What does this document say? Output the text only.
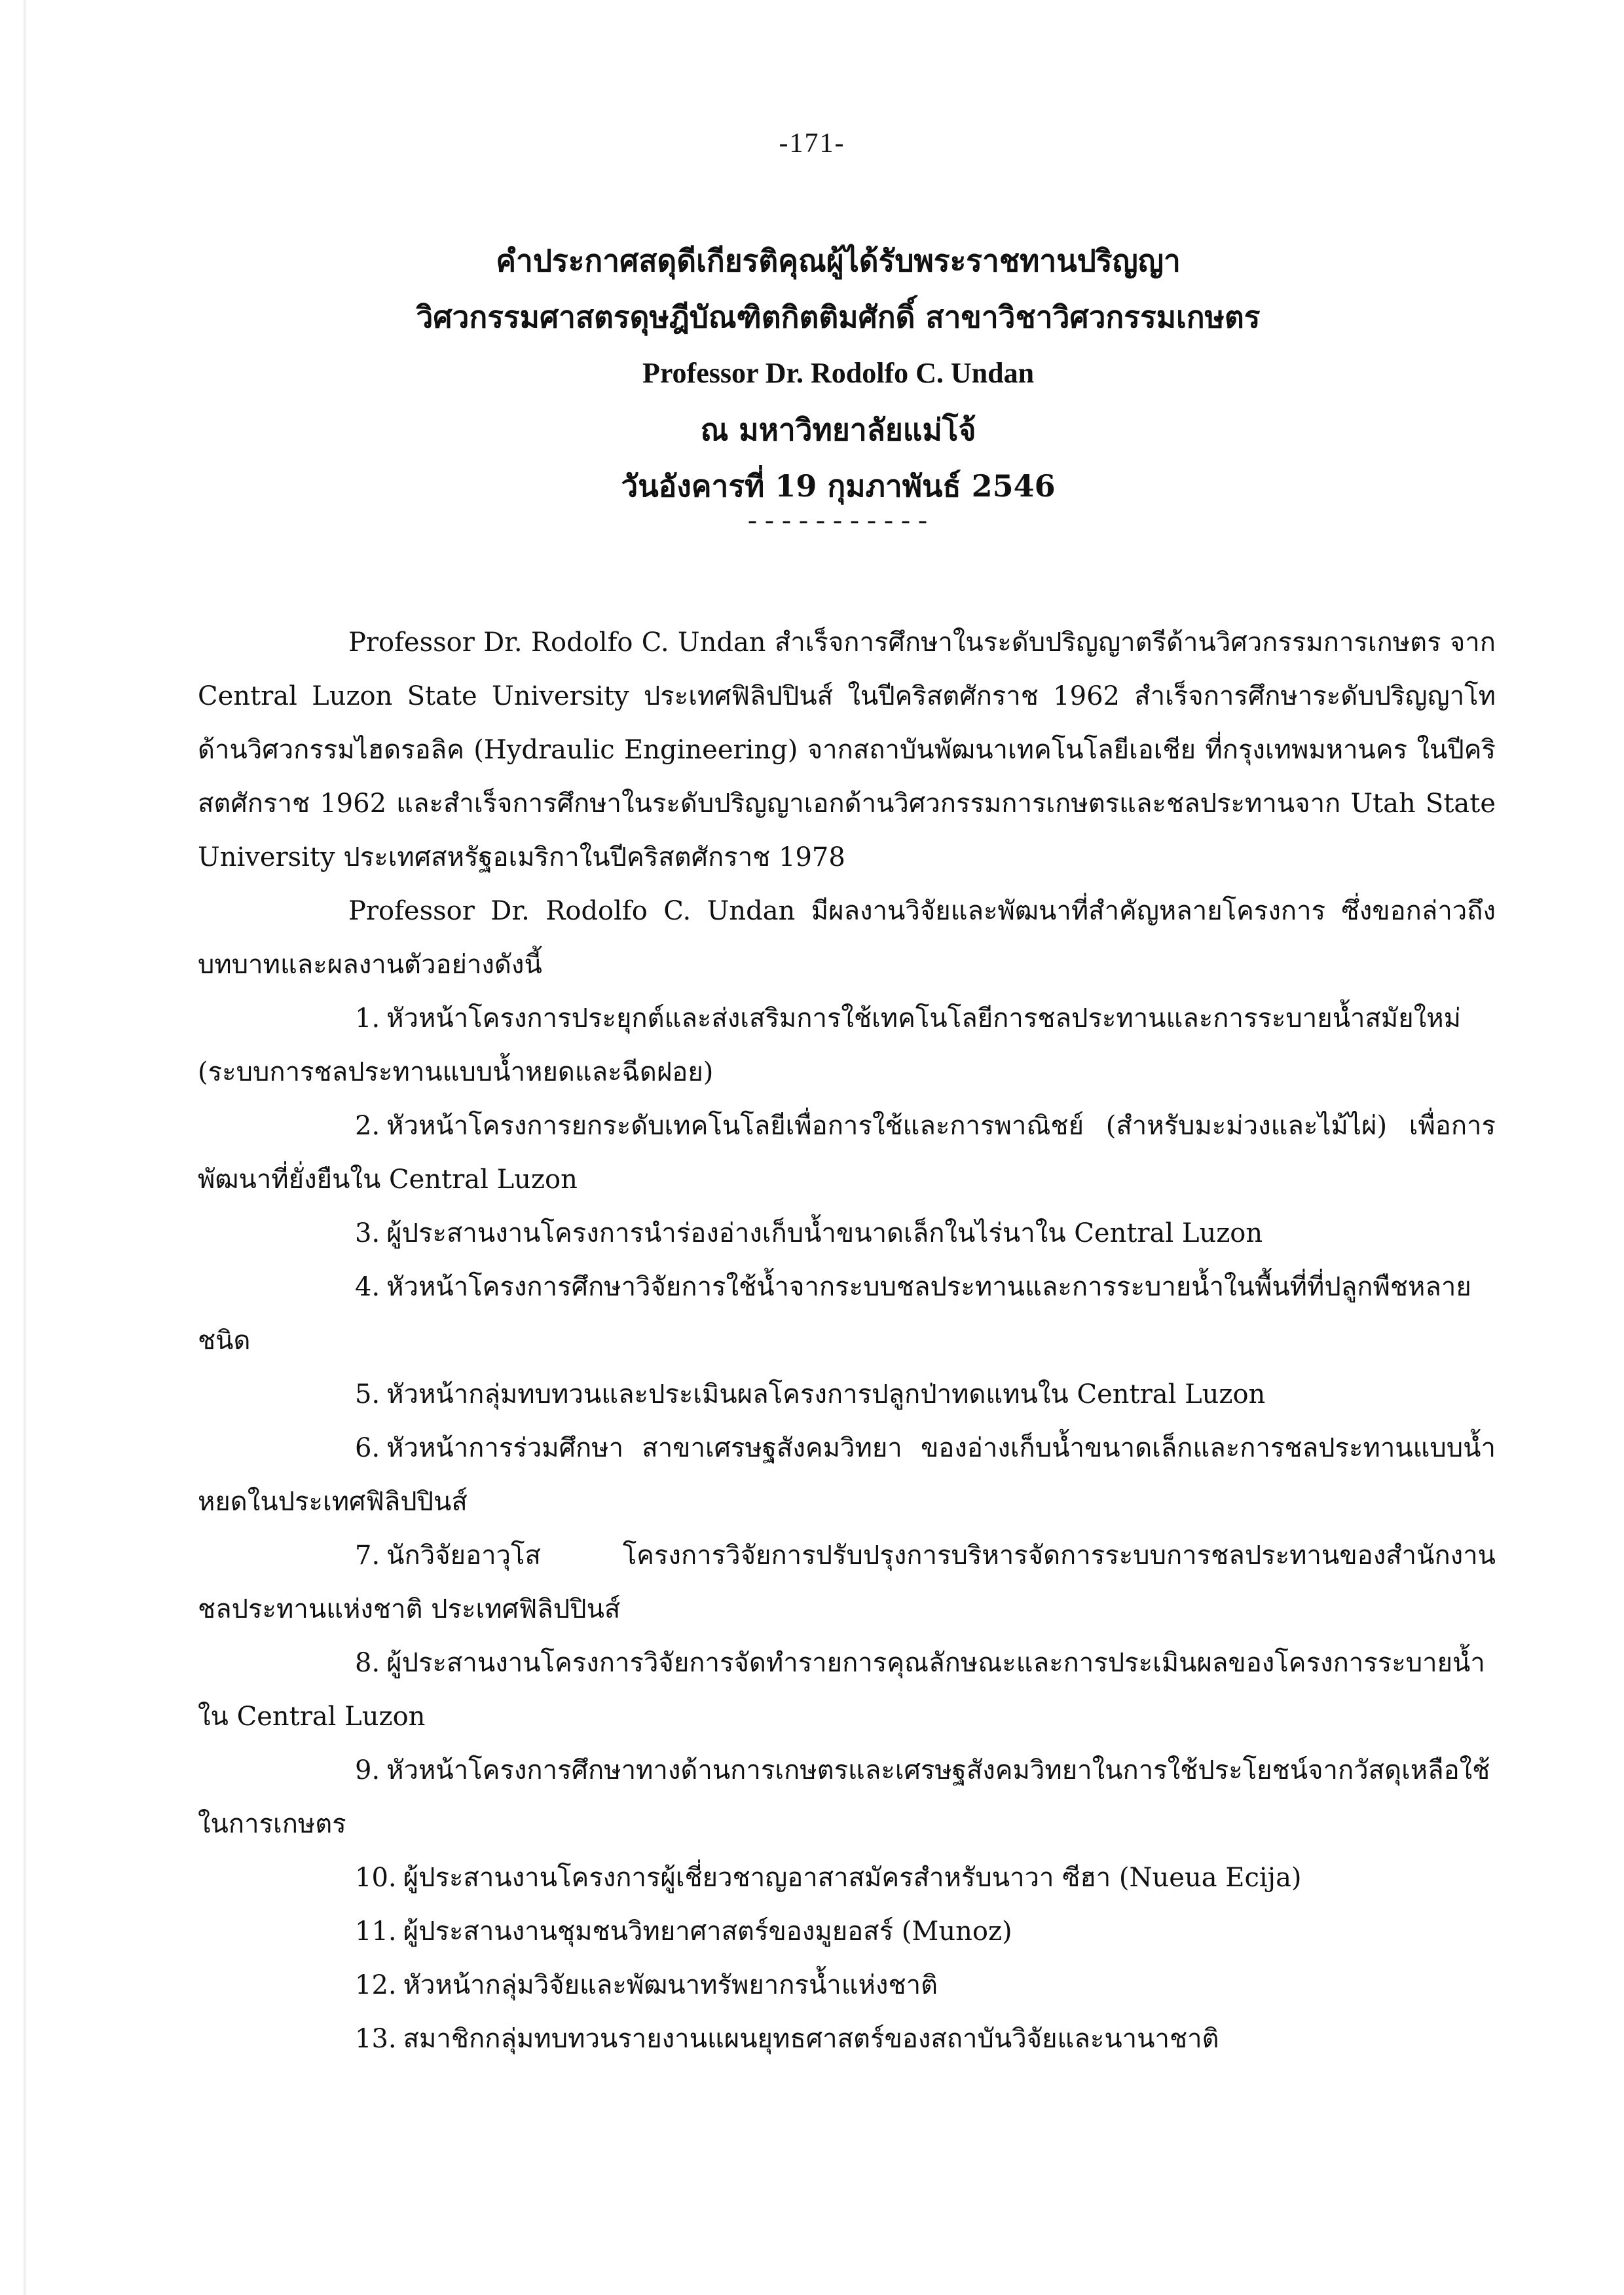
-171-
คำประกาศสดุดีเกียรติคุณผู้ได้รับพระราชทานปริญญา
วิศวกรรมศาสตรดุษฎีบัณฑิตกิตติมศักดิ์ สาขาวิชาวิศวกรรมเกษตร
Professor Dr. Rodolfo C. Undan
ณ มหาวิทยาลัยแม่โจ้
วันอังคารที่ 19 กุมภาพันธ์ 2546
-----------
Professor Dr. Rodolfo C. Undan สำเร็จการศึกษาในระดับปริญญาตรีด้านวิศวกรรมการเกษตร จาก Central Luzon State University ประเทศฟิลิปปินส์ ในปีคริสตศักราช 1962 สำเร็จการศึกษาระดับปริญญาโท ด้านวิศวกรรมไฮดรอลิค (Hydraulic Engineering) จากสถาบันพัฒนาเทคโนโลยีเอเชีย ที่กรุงเทพมหานคร ในปีคริสตศักราช 1962 และสำเร็จการศึกษาในระดับปริญญาเอกด้านวิศวกรรมการเกษตรและชลประทานจาก Utah State University ประเทศสหรัฐอเมริกาในปีคริสตศักราช 1978
Professor Dr. Rodolfo C. Undan มีผลงานวิจัยและพัฒนาที่สำคัญหลายโครงการ ซึ่งขอกล่าวถึงบทบาทและผลงานตัวอย่างดังนี้
1. หัวหน้าโครงการประยุกต์และส่งเสริมการใช้เทคโนโลยีการชลประทานและการระบายน้ำสมัยใหม่ (ระบบการชลประทานแบบน้ำหยดและฉีดฝอย)
2. หัวหน้าโครงการยกระดับเทคโนโลยีเพื่อการใช้และการพาณิชย์ (สำหรับมะม่วงและไม้ไผ่) เพื่อการพัฒนาที่ยั่งยืนใน Central Luzon
3. ผู้ประสานงานโครงการนำร่องอ่างเก็บน้ำขนาดเล็กในไร่นาใน Central Luzon
4. หัวหน้าโครงการศึกษาวิจัยการใช้น้ำจากระบบชลประทานและการระบายน้ำในพื้นที่ที่ปลูกพืชหลายชนิด
5. หัวหน้ากลุ่มทบทวนและประเมินผลโครงการปลูกป่าทดแทนใน Central Luzon
6. หัวหน้าการร่วมศึกษา สาขาเศรษฐสังคมวิทยา ของอ่างเก็บน้ำขนาดเล็กและการชลประทานแบบน้ำหยดในประเทศฟิลิปปินส์
7. นักวิจัยอาวุโส โครงการวิจัยการปรับปรุงการบริหารจัดการระบบการชลประทานของสำนักงานชลประทานแห่งชาติ ประเทศฟิลิปปินส์
8. ผู้ประสานงานโครงการวิจัยการจัดทำรายการคุณลักษณะและการประเมินผลของโครงการระบายน้ำใน Central Luzon
9. หัวหน้าโครงการศึกษาทางด้านการเกษตรและเศรษฐสังคมวิทยาในการใช้ประโยชน์จากวัสดุเหลือใช้ในการเกษตร
10. ผู้ประสานงานโครงการผู้เชี่ยวชาญอาสาสมัครสำหรับนาวา ซีฮา (Nueua Ecija)
11. ผู้ประสานงานชุมชนวิทยาศาสตร์ของมูยอสร์ (Munoz)
12. หัวหน้ากลุ่มวิจัยและพัฒนาทรัพยากรน้ำแห่งชาติ
13. สมาชิกกลุ่มทบทวนรายงานแผนยุทธศาสตร์ของสถาบันวิจัยและนานาชาติ
